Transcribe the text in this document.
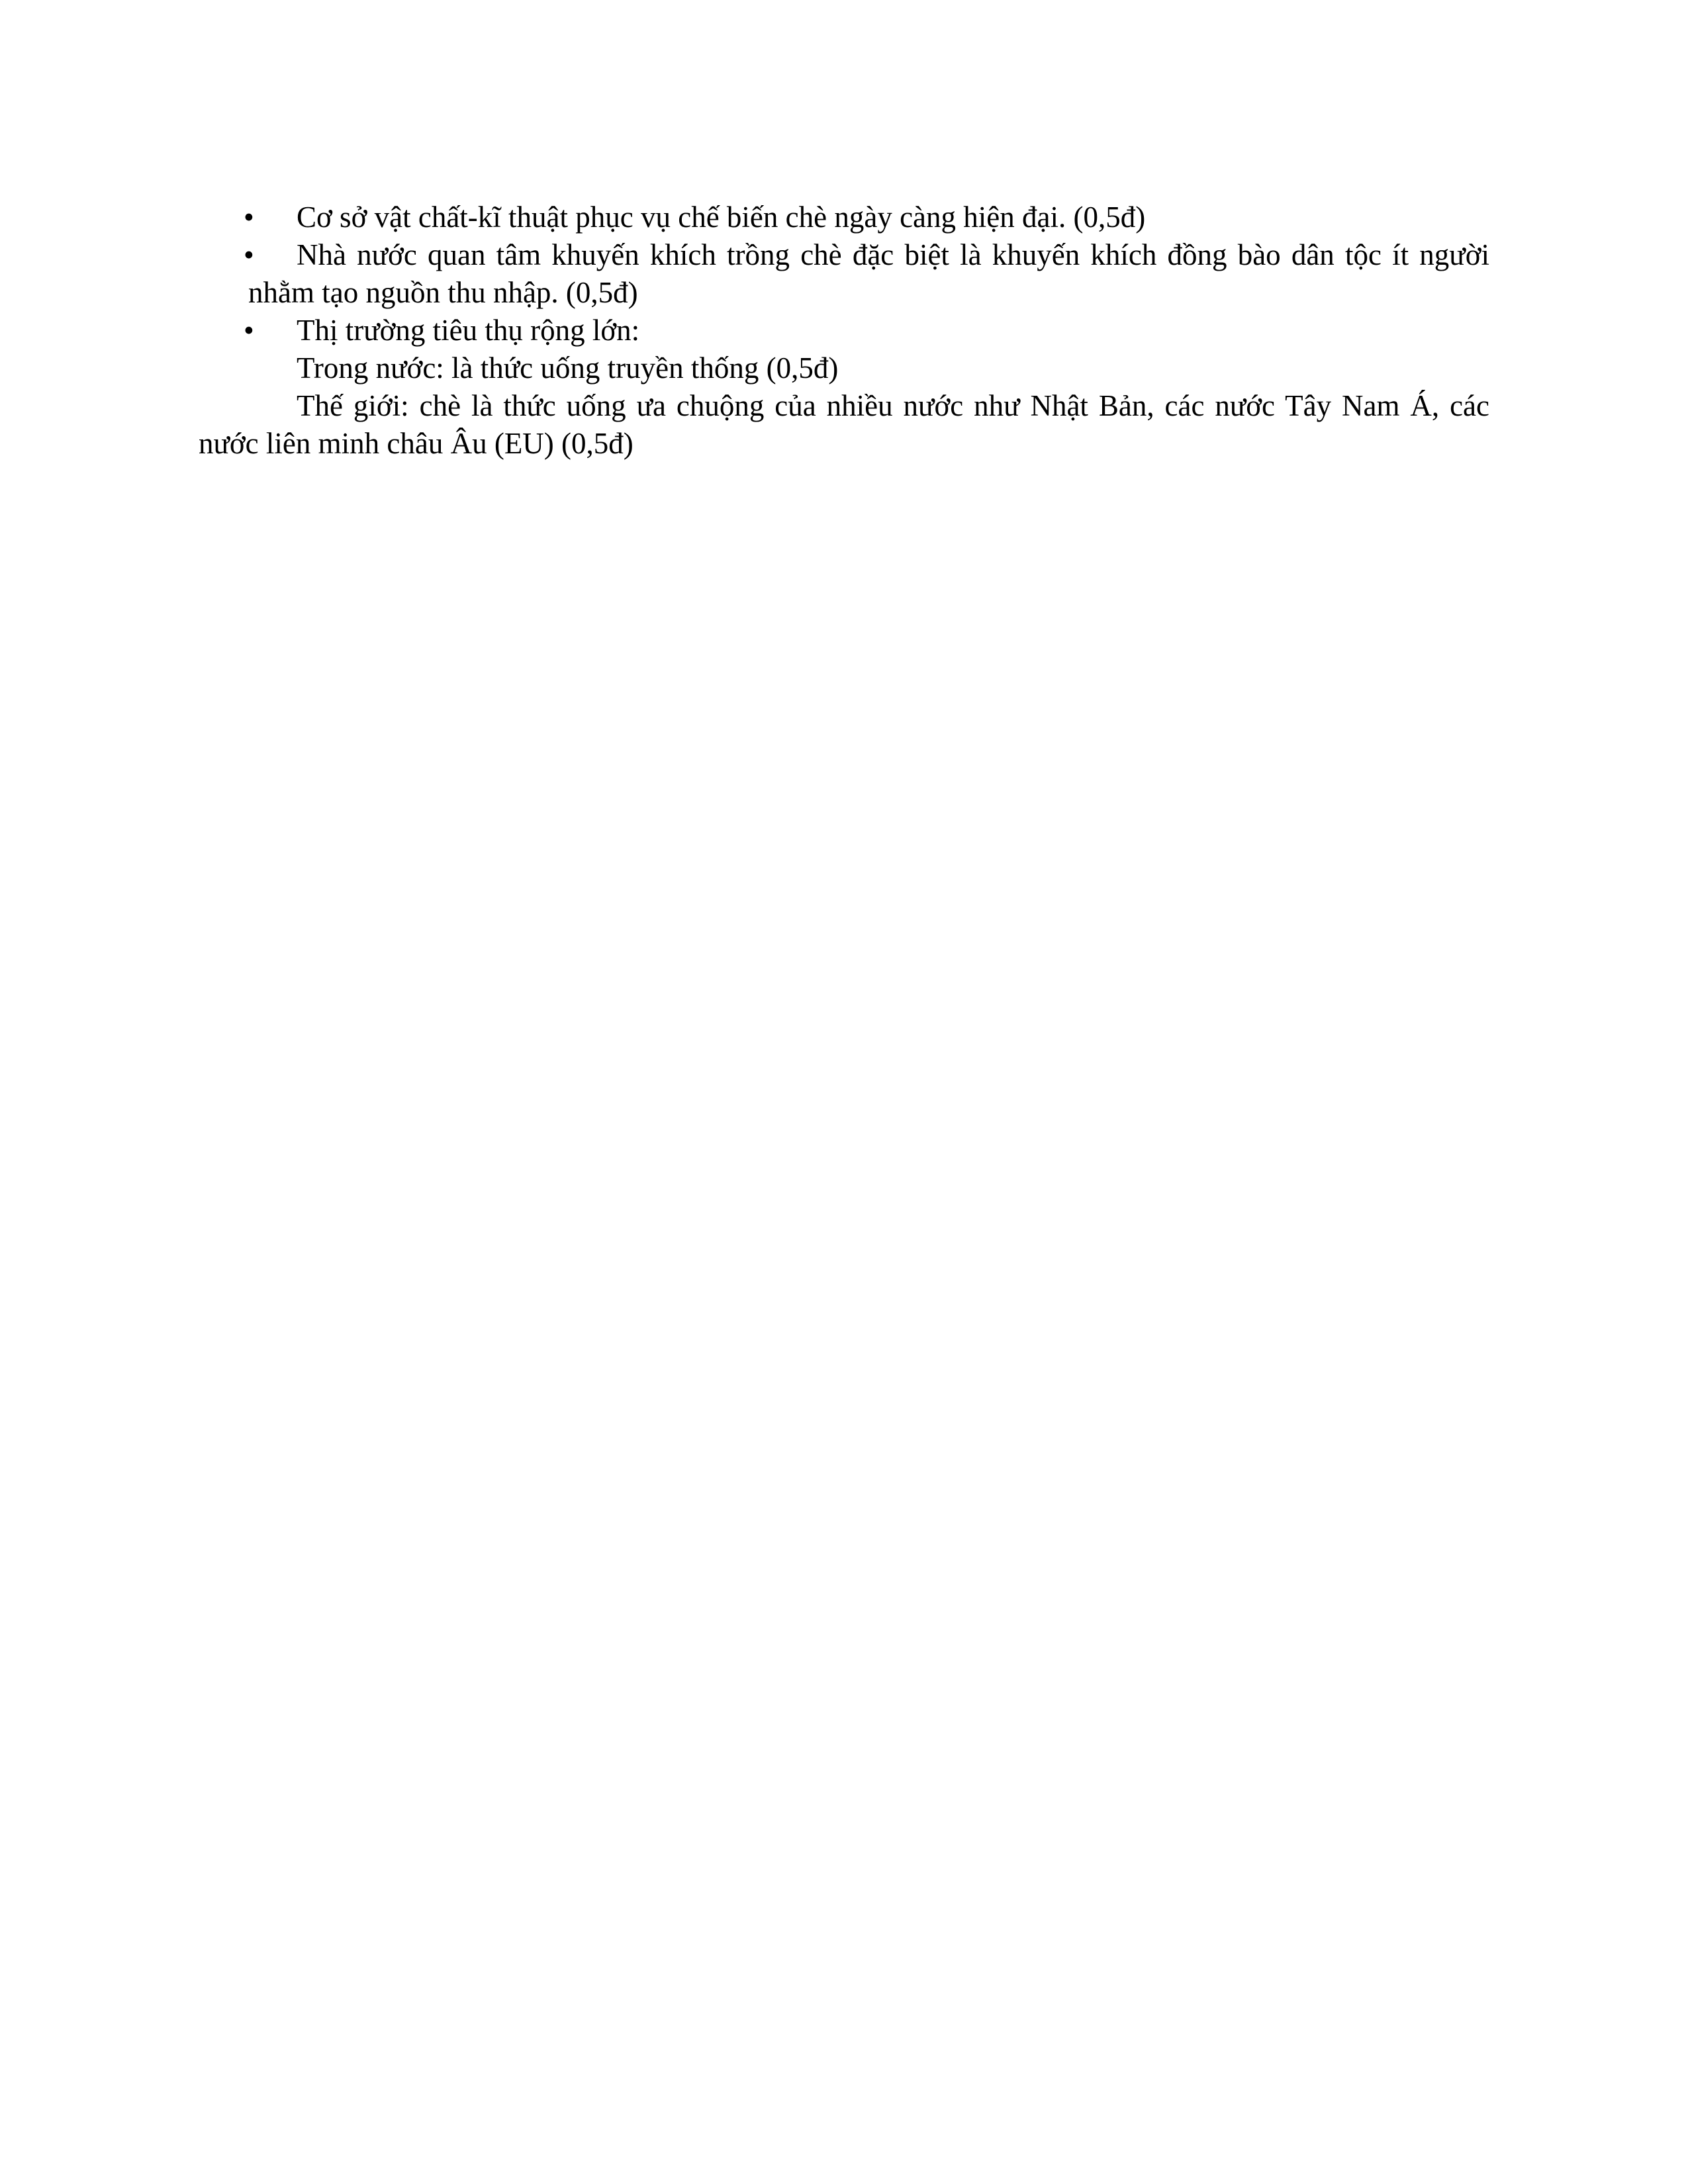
•	Cơ sở vật chất-kĩ thuật phục vụ chế biến chè ngày càng hiện đại. (0,5đ)
•	Nhà nước quan tâm khuyến khích trồng chè đặc biệt là khuyến khích đồng bào dân tộc ít người nhằm tạo nguồn thu nhập. (0,5đ)
•	Thị trường tiêu thụ rộng lớn:
Trong nước: là thức uống truyền thống (0,5đ)
Thế giới: chè là thức uống ưa chuộng của nhiều nước như Nhật Bản, các nước Tây Nam Á, các nước liên minh châu Âu (EU) (0,5đ)
